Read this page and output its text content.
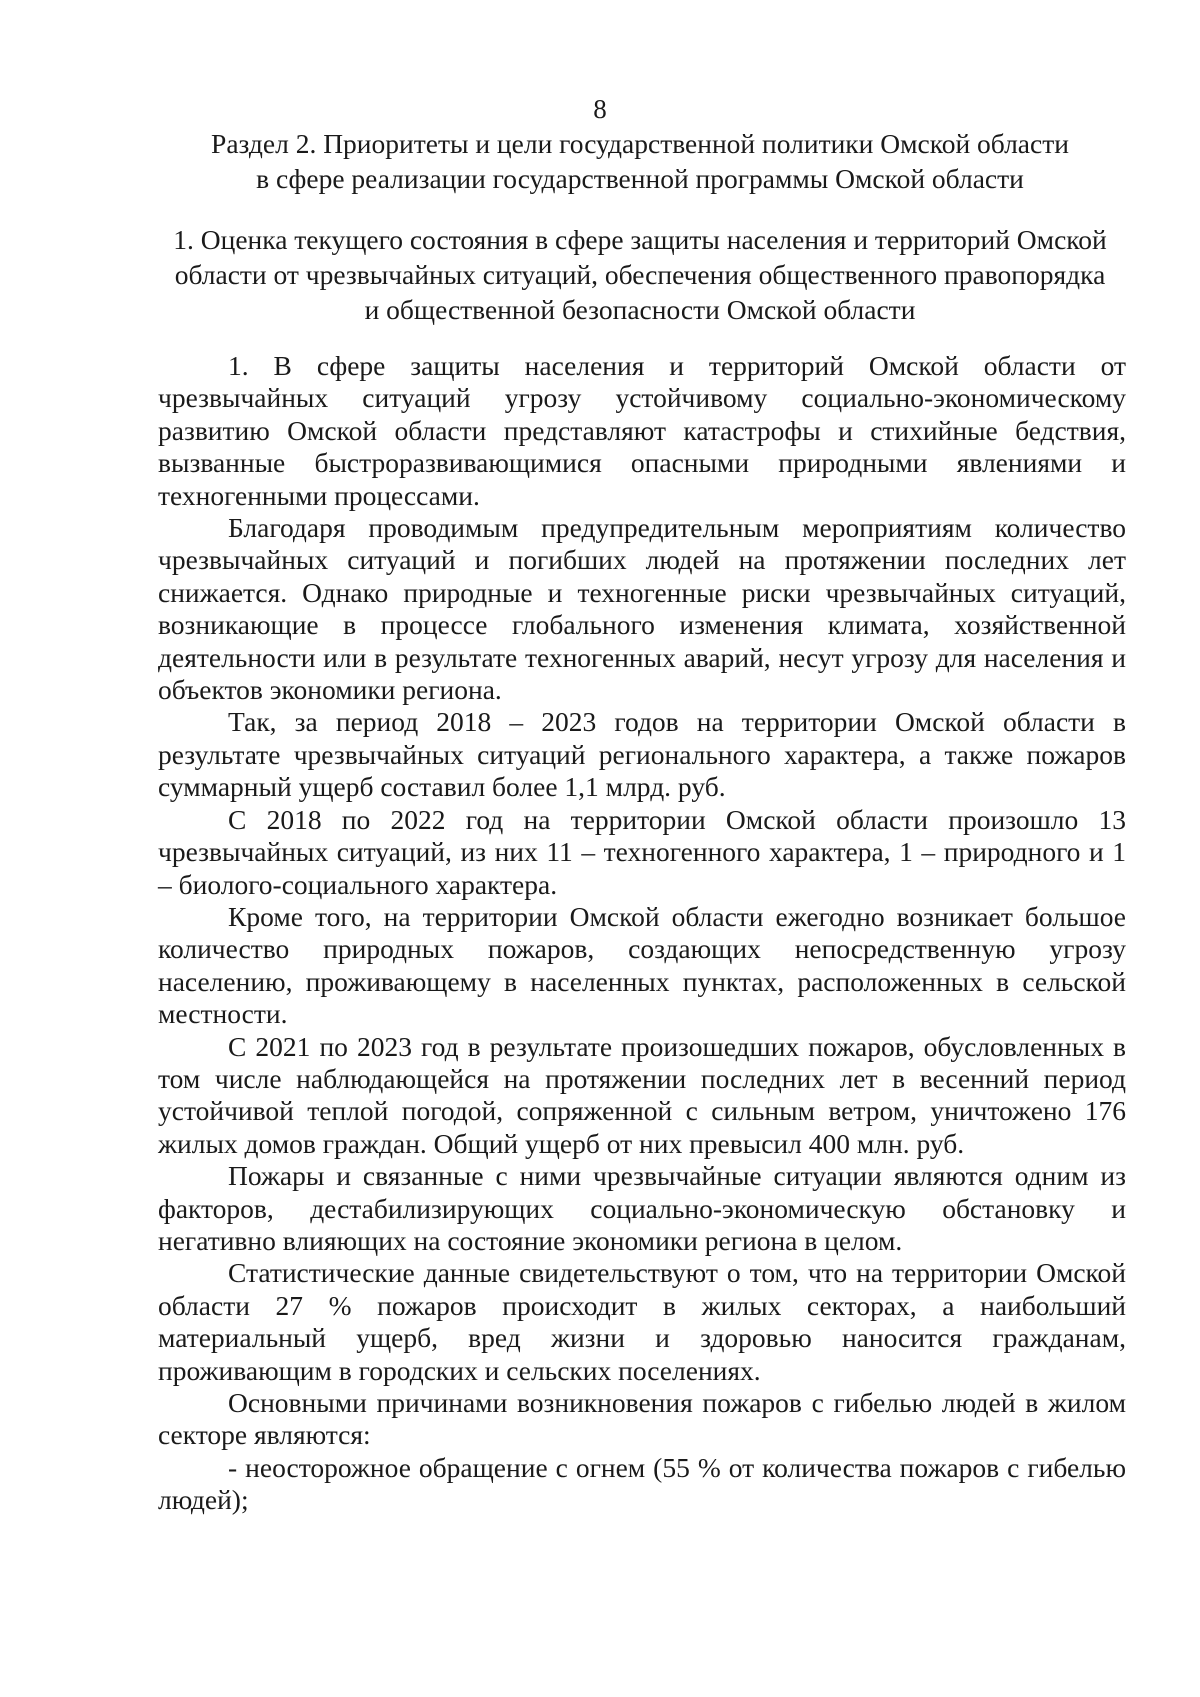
8
Раздел 2. Приоритеты и цели государственной политики Омской области
в сфере реализации государственной программы Омской области
1. Оценка текущего состояния в сфере защиты населения и территорий Омской
области от чрезвычайных ситуаций, обеспечения общественного правопорядка
и общественной безопасности Омской области

1. В сфере защиты населения и территорий Омской области от чрезвычайных ситуаций угрозу устойчивому социально-экономическому развитию Омской области представляют катастрофы и стихийные бедствия, вызванные быстроразвивающимися опасными природными явлениями и техногенными процессами.

Благодаря проводимым предупредительным мероприятиям количество чрезвычайных ситуаций и погибших людей на протяжении последних лет снижается. Однако природные и техногенные риски чрезвычайных ситуаций, возникающие в процессе глобального изменения климата, хозяйственной деятельности или в результате техногенных аварий, несут угрозу для населения и объектов экономики региона.

Так, за период 2018 – 2023 годов на территории Омской области в результате чрезвычайных ситуаций регионального характера, а также пожаров суммарный ущерб составил более 1,1 млрд. руб.

С 2018 по 2022 год на территории Омской области произошло 13 чрезвычайных ситуаций, из них 11 – техногенного характера, 1 – природного и 1 – биолого-социального характера.

Кроме того, на территории Омской области ежегодно возникает большое количество природных пожаров, создающих непосредственную угрозу населению, проживающему в населенных пунктах, расположенных в сельской местности.

С 2021 по 2023 год в результате произошедших пожаров, обусловленных в том числе наблюдающейся на протяжении последних лет в весенний период устойчивой теплой погодой, сопряженной с сильным ветром, уничтожено 176 жилых домов граждан. Общий ущерб от них превысил 400 млн. руб.

Пожары и связанные с ними чрезвычайные ситуации являются одним из факторов, дестабилизирующих социально-экономическую обстановку и негативно влияющих на состояние экономики региона в целом.

Статистические данные свидетельствуют о том, что на территории Омской области 27 % пожаров происходит в жилых секторах, а наибольший материальный ущерб, вред жизни и здоровью наносится гражданам, проживающим в городских и сельских поселениях.

Основными причинами возникновения пожаров с гибелью людей в жилом секторе являются:

- неосторожное обращение с огнем (55 % от количества пожаров с гибелью людей);
